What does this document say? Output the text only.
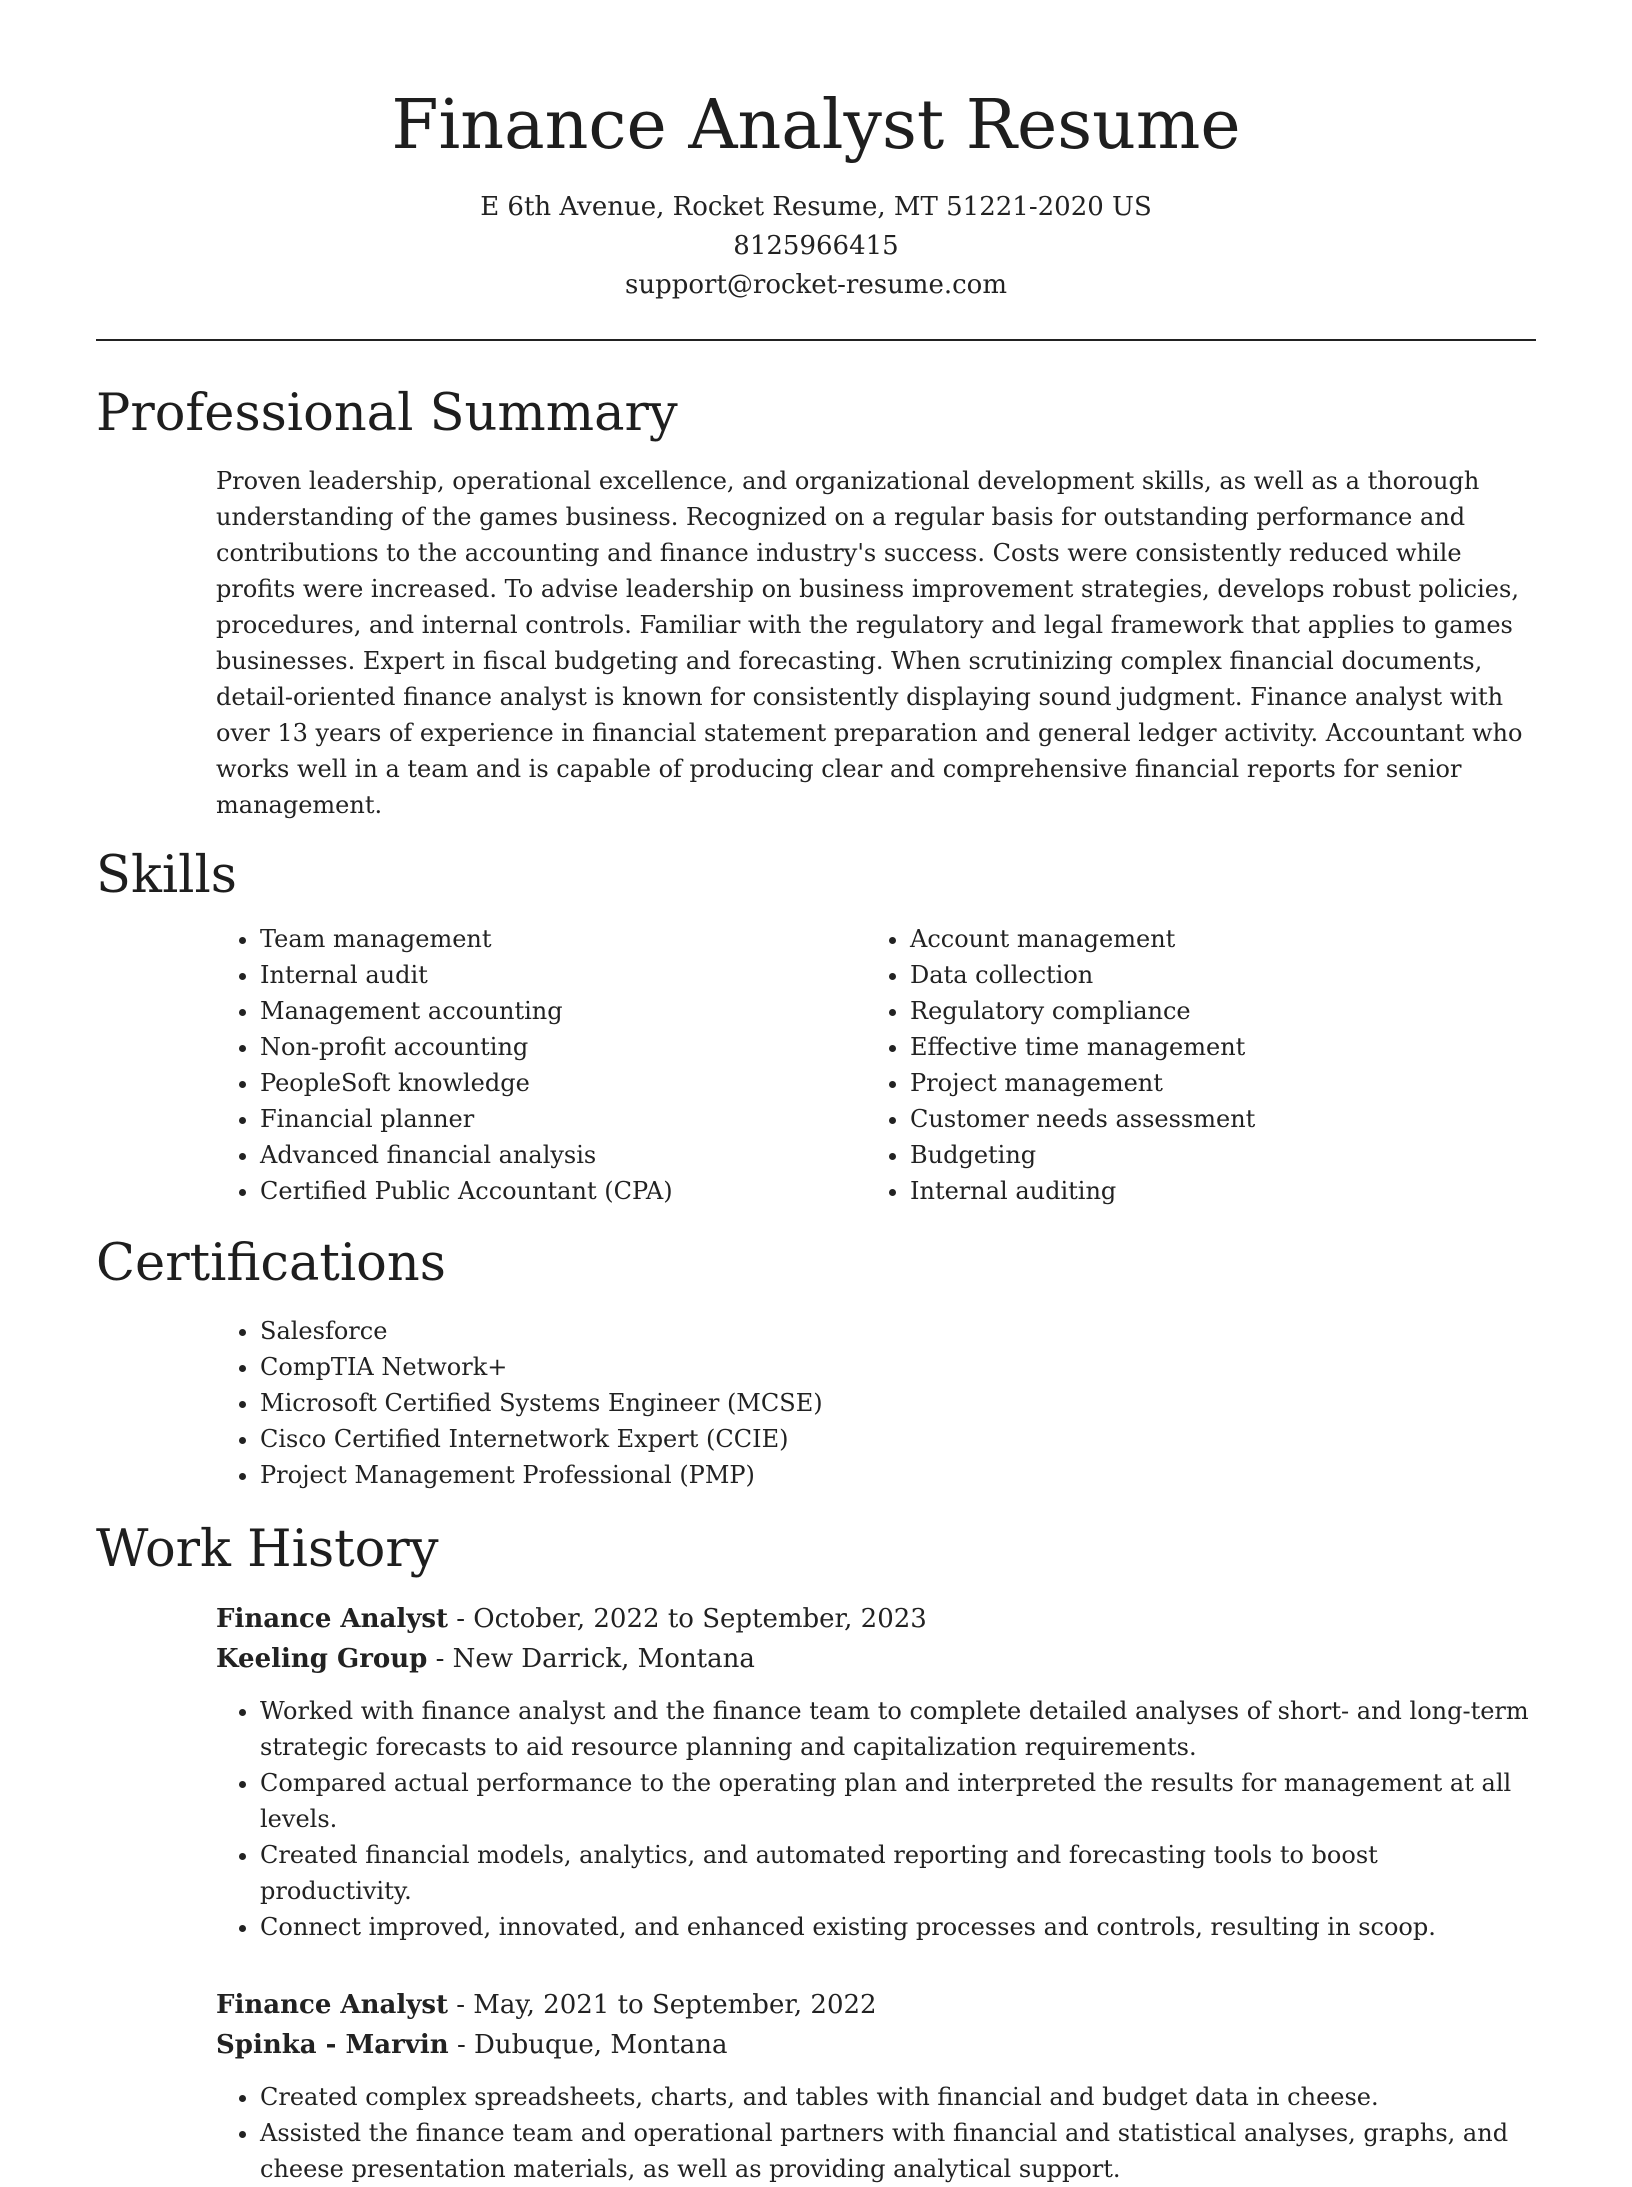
Finance Analyst Resume
E 6th Avenue, Rocket Resume, MT 51221-2020 US
8125966415
support@rocket-resume.com
Professional Summary
Proven leadership, operational excellence, and organizational development skills, as well as a thorough understanding of the games business. Recognized on a regular basis for outstanding performance and contributions to the accounting and finance industry's success. Costs were consistently reduced while profits were increased. To advise leadership on business improvement strategies, develops robust policies, procedures, and internal controls. Familiar with the regulatory and legal framework that applies to games businesses. Expert in fiscal budgeting and forecasting. When scrutinizing complex financial documents, detail-oriented finance analyst is known for consistently displaying sound judgment. Finance analyst with over 13 years of experience in financial statement preparation and general ledger activity. Accountant who works well in a team and is capable of producing clear and comprehensive financial reports for senior management.
Skills
• Team management
• Internal audit
• Management accounting
• Non-profit accounting
• PeopleSoft knowledge
• Financial planner
• Advanced financial analysis
• Certified Public Accountant (CPA)
• Account management
• Data collection
• Regulatory compliance
• Effective time management
• Project management
• Customer needs assessment
• Budgeting
• Internal auditing
Certifications
• Salesforce
• CompTIA Network+
• Microsoft Certified Systems Engineer (MCSE)
• Cisco Certified Internetwork Expert (CCIE)
• Project Management Professional (PMP)
Work History
Finance Analyst - October, 2022 to September, 2023
Keeling Group - New Darrick, Montana
• Worked with finance analyst and the finance team to complete detailed analyses of short- and long-term strategic forecasts to aid resource planning and capitalization requirements.
• Compared actual performance to the operating plan and interpreted the results for management at all levels.
• Created financial models, analytics, and automated reporting and forecasting tools to boost productivity.
• Connect improved, innovated, and enhanced existing processes and controls, resulting in scoop.
Finance Analyst - May, 2021 to September, 2022
Spinka - Marvin - Dubuque, Montana
• Created complex spreadsheets, charts, and tables with financial and budget data in cheese.
• Assisted the finance team and operational partners with financial and statistical analyses, graphs, and cheese presentation materials, as well as providing analytical support.
